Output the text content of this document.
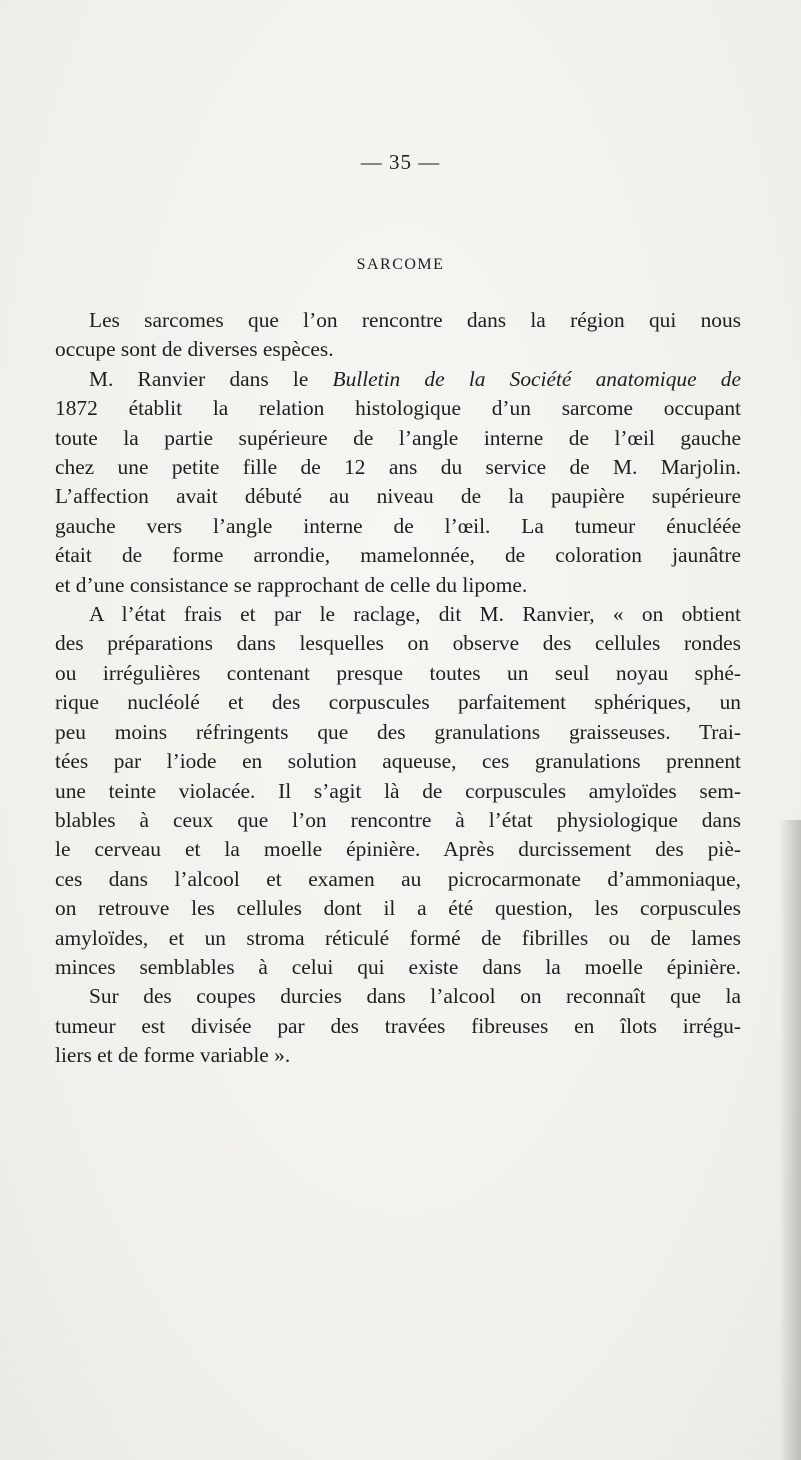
— 35 —
SARCOME
Les sarcomes que l’on rencontre dans la région qui nous
occupe sont de diverses espèces.
M. Ranvier dans le Bulletin de la Société anatomique de
1872 établit la relation histologique d’un sarcome occupant
toute la partie supérieure de l’angle interne de l’œil gauche
chez une petite fille de 12 ans du service de M. Marjolin.
L’affection avait débuté au niveau de la paupière supérieure
gauche vers l’angle interne de l’œil. La tumeur énucléée
était de forme arrondie, mamelonnée, de coloration jaunâtre
et d’une consistance se rapprochant de celle du lipome.
A l’état frais et par le raclage, dit M. Ranvier, « on obtient
des préparations dans lesquelles on observe des cellules rondes
ou irrégulières contenant presque toutes un seul noyau sphé-
rique nucléolé et des corpuscules parfaitement sphériques, un
peu moins réfringents que des granulations graisseuses. Trai-
tées par l’iode en solution aqueuse, ces granulations prennent
une teinte violacée. Il s’agit là de corpuscules amyloïdes sem-
blables à ceux que l’on rencontre à l’état physiologique dans
le cerveau et la moelle épinière. Après durcissement des piè-
ces dans l’alcool et examen au picrocarmonate d’ammoniaque,
on retrouve les cellules dont il a été question, les corpuscules
amyloïdes, et un stroma réticulé formé de fibrilles ou de lames
minces semblables à celui qui existe dans la moelle épinière.
Sur des coupes durcies dans l’alcool on reconnaît que la
tumeur est divisée par des travées fibreuses en îlots irrégu-
liers et de forme variable ».
